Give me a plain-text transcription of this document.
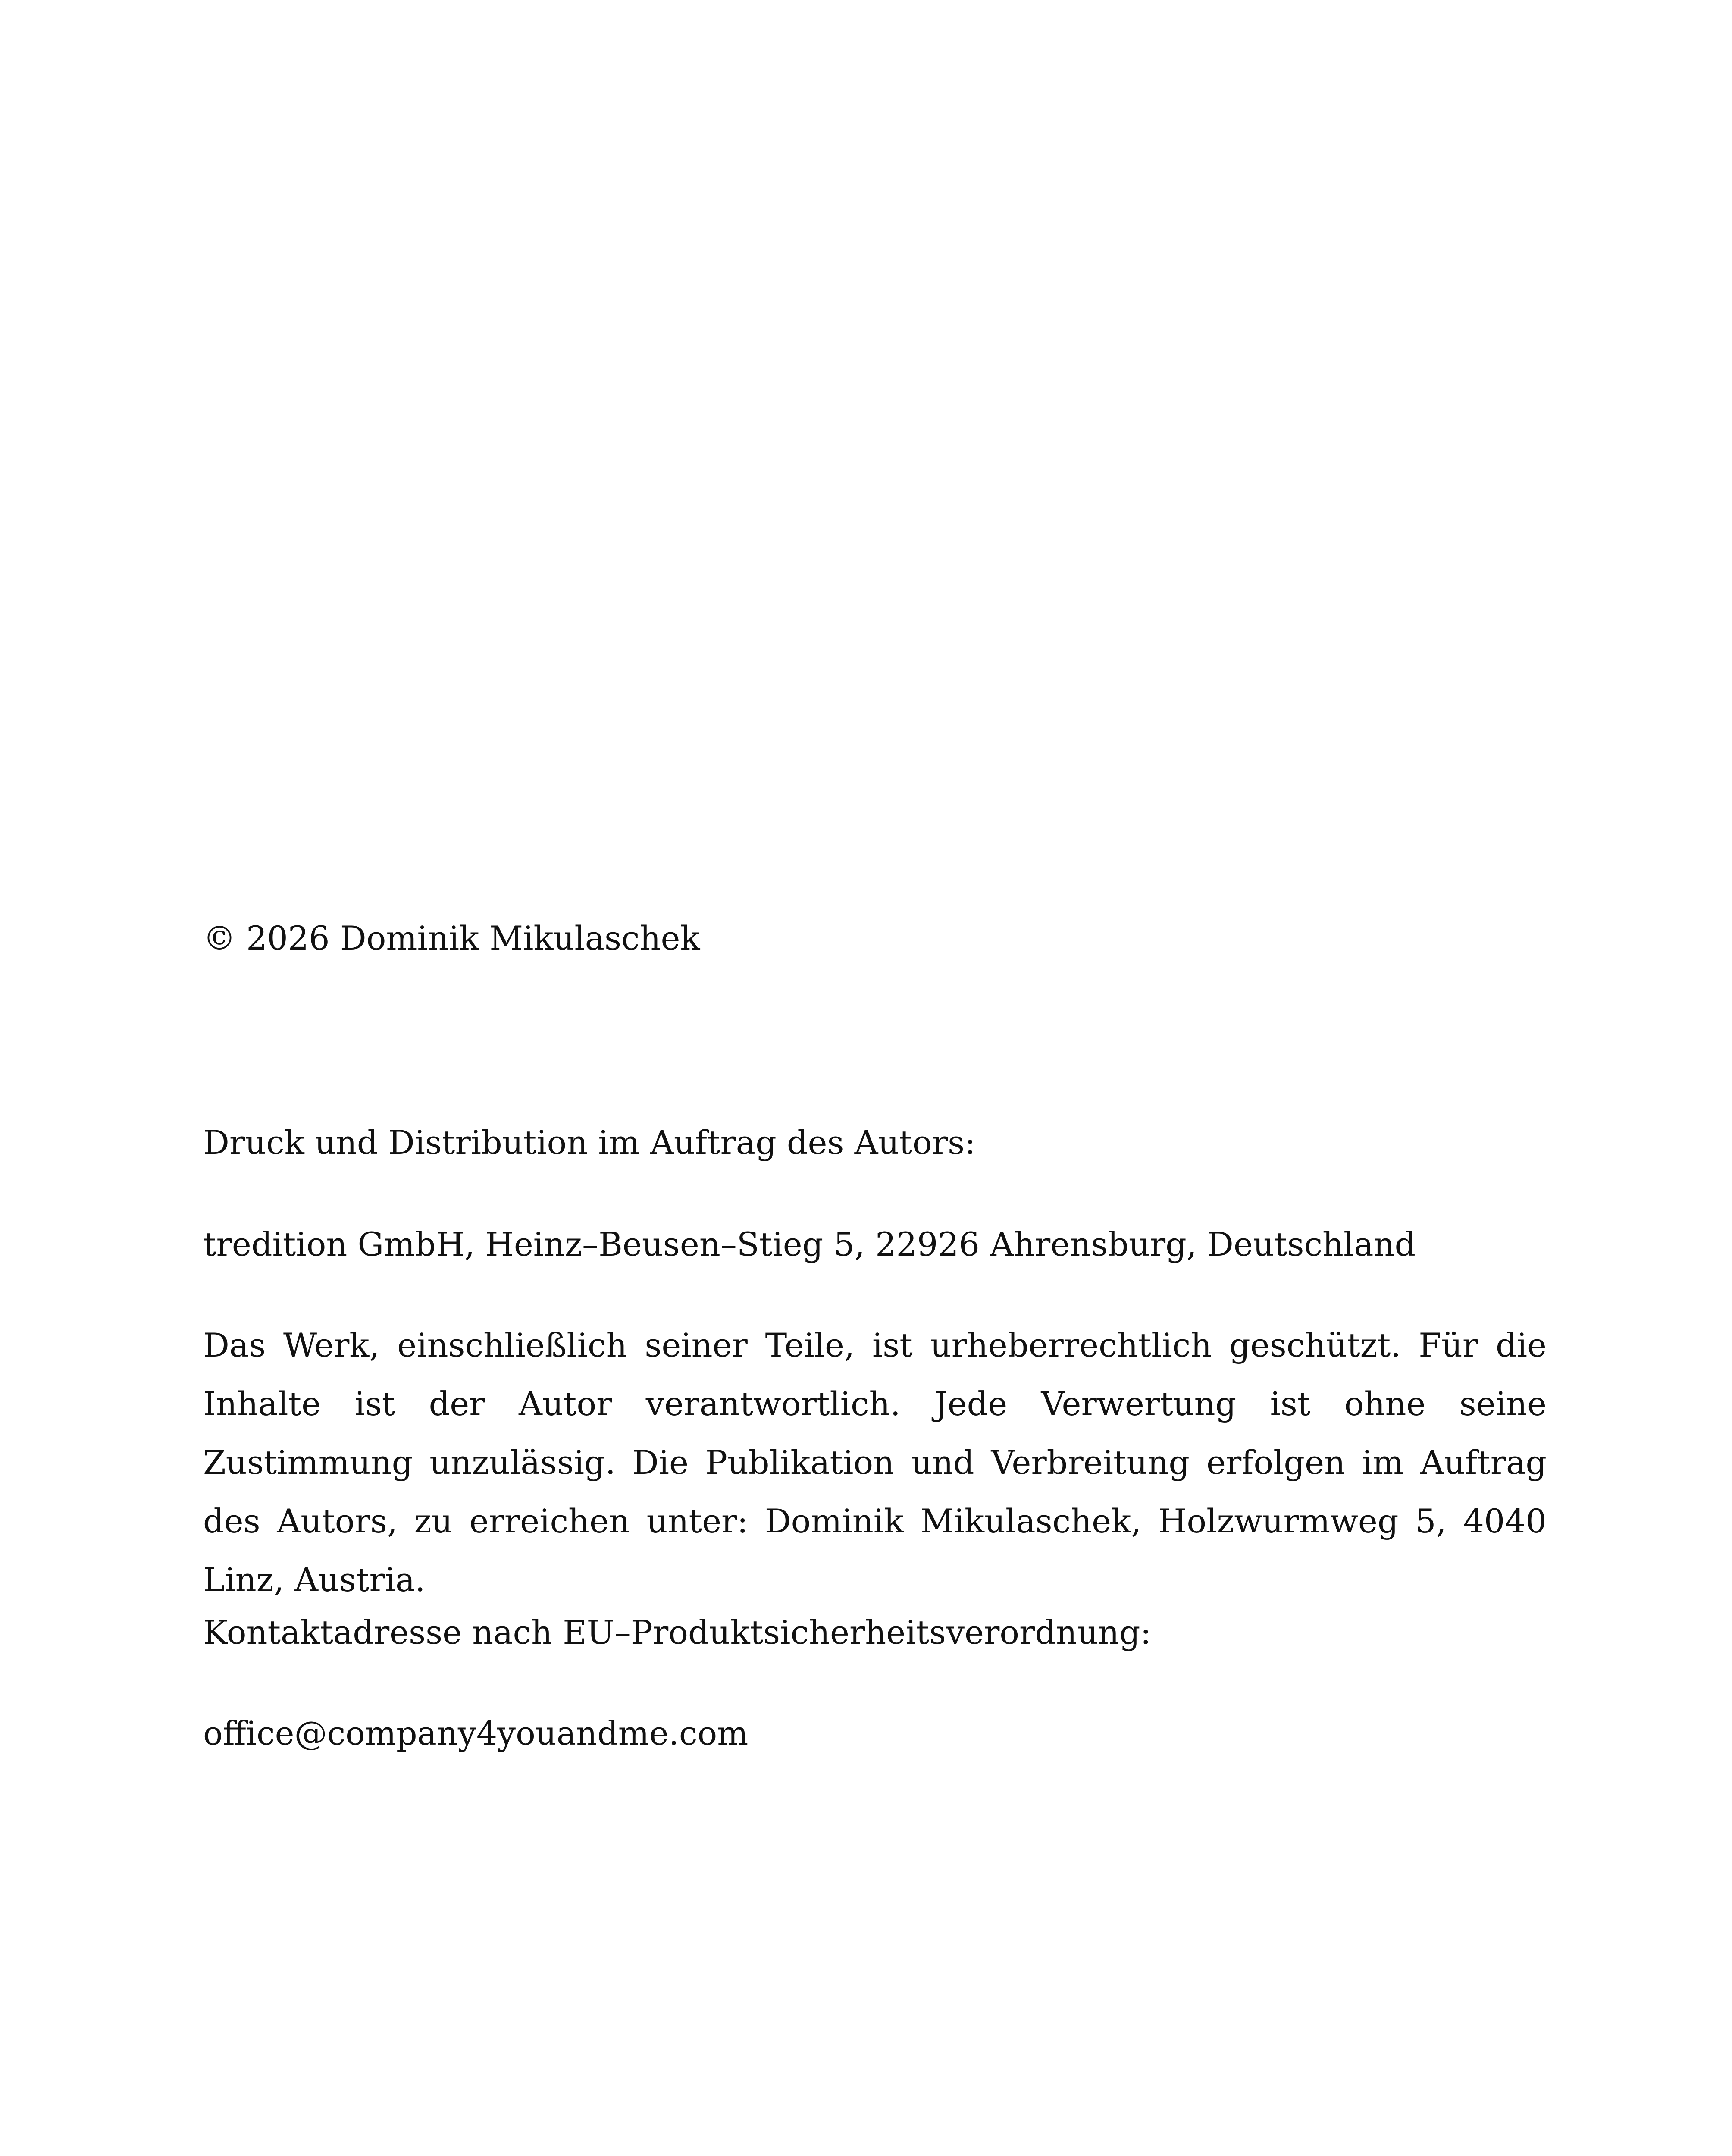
© 2026 Dominik Mikulaschek

Druck und Distribution im Auftrag des Autors:

tredition GmbH, Heinz–Beusen–Stieg 5, 22926 Ahrensburg, Deutschland

Das Werk, einschließlich seiner Teile, ist urheberrechtlich geschützt. Für die Inhalte ist der Autor verantwortlich. Jede Verwertung ist ohne seine Zustimmung unzulässig. Die Publikation und Verbreitung erfolgen im Auftrag des Autors, zu erreichen unter: Dominik Mikulaschek, Holzwurmweg 5, 4040 Linz, Austria.

Kontaktadresse nach EU–Produktsicherheitsverordnung:

office@company4youandme.com
